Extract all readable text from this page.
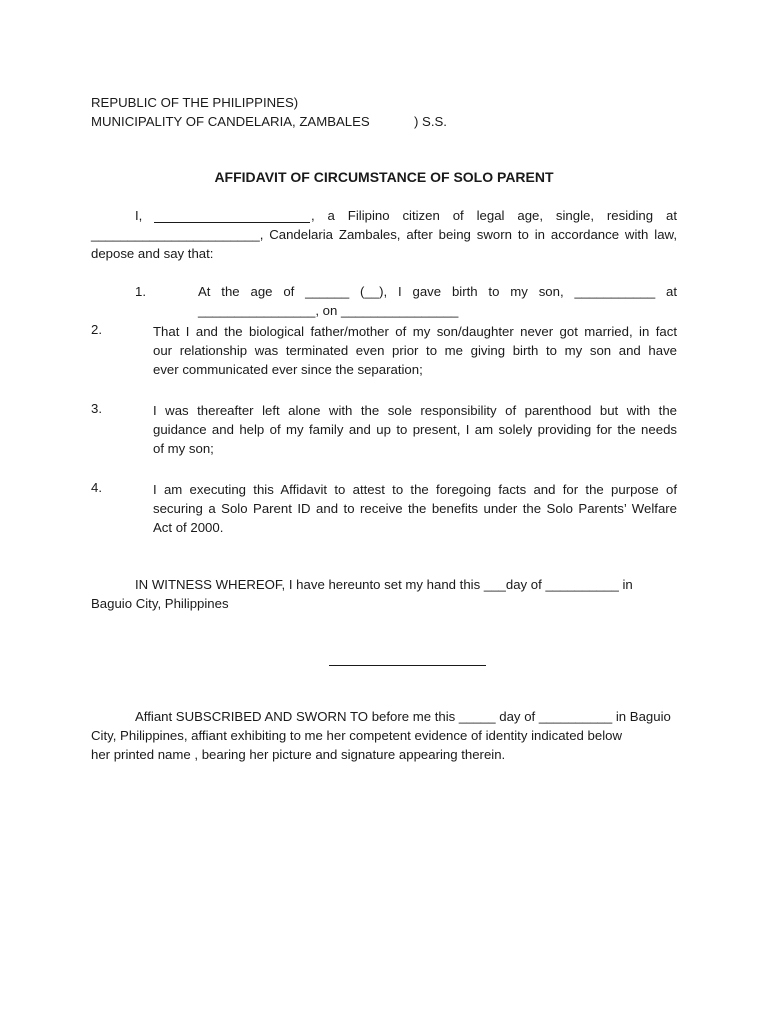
REPUBLIC OF THE PHILIPPINES)
MUNICIPALITY OF CANDELARIA, ZAMBALES	) S.S.
AFFIDAVIT OF CIRCUMSTANCE OF SOLO PARENT
I,	, a Filipino citizen of legal age, single, residing at
_______________________, Candelaria Zambales, after being sworn to in accordance with law,
depose and say that:
1.	At the age of ______ (__), I gave birth to my son, ___________ at
________________, on ________________
2.	That I and the biological father/mother of my son/daughter never got married, in fact
our relationship was terminated even prior to me giving birth to my son and have
ever communicated ever since the separation;
3.	I was thereafter left alone with the sole responsibility of parenthood but with the
guidance and help of my family and up to present, I am solely providing for the needs
of my son;
4.	I am executing this Affidavit to attest to the foregoing facts and for the purpose of
securing a Solo Parent ID and to receive the benefits under the Solo Parents’ Welfare
Act of 2000.
IN WITNESS WHEREOF, I have hereunto set my hand this ___day of __________ in
Baguio City, Philippines
Affiant SUBSCRIBED AND SWORN TO before me this _____ day of __________ in Baguio
City, Philippines, affiant exhibiting to me her competent evidence of identity indicated below
her printed name , bearing her picture and signature appearing therein.
